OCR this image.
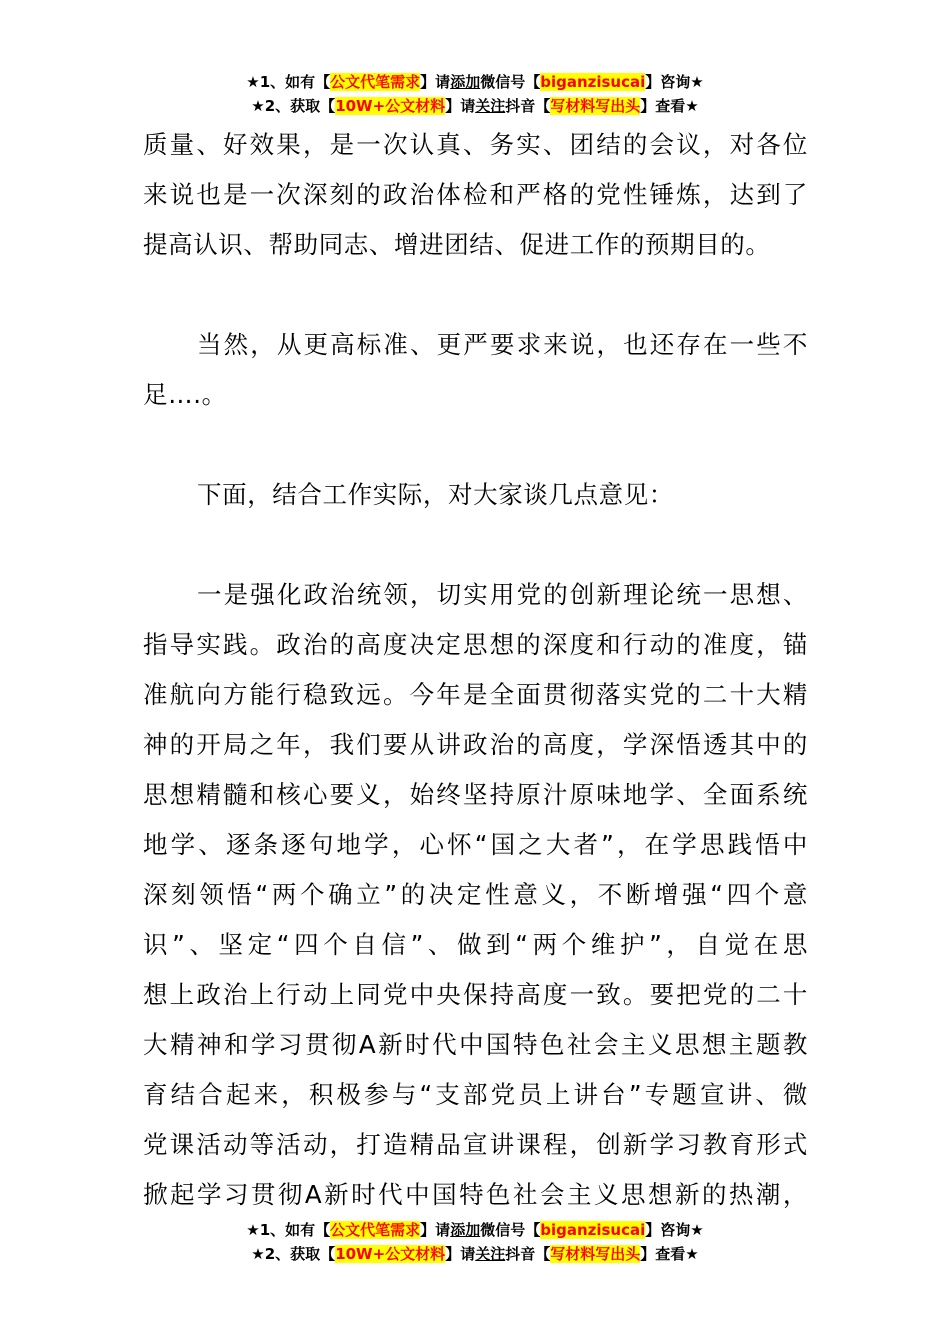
★1、如有【公文代笔需求】请添加微信号【biganzisucai】咨询★
★2、获取【10W+公文材料】请关注抖音【写材料写出头】查看★
质量、好效果，是一次认真、务实、团结的会议，对各位
来说也是一次深刻的政治体检和严格的党性锤炼，达到了
提高认识、帮助同志、增进团结、促进工作的预期目的。
当然，从更高标准、更严要求来说，也还存在一些不
足….。
下面，结合工作实际，对大家谈几点意见：
一是强化政治统领，切实用党的创新理论统一思想、
指导实践。政治的高度决定思想的深度和行动的准度，锚
准航向方能行稳致远。今年是全面贯彻落实党的二十大精
神的开局之年，我们要从讲政治的高度，学深悟透其中的
思想精髓和核心要义，始终坚持原汁原味地学、全面系统
地学、逐条逐句地学，心怀“国之大者”，在学思践悟中
深刻领悟“两个确立”的决定性意义，不断增强“四个意
识”、坚定“四个自信”、做到“两个维护”，自觉在思
想上政治上行动上同党中央保持高度一致。要把党的二十
大精神和学习贯彻A新时代中国特色社会主义思想主题教
育结合起来，积极参与“支部党员上讲台”专题宣讲、微
党课活动等活动，打造精品宣讲课程，创新学习教育形式
掀起学习贯彻A新时代中国特色社会主义思想新的热潮，
★1、如有【公文代笔需求】请添加微信号【biganzisucai】咨询★
★2、获取【10W+公文材料】请关注抖音【写材料写出头】查看★
